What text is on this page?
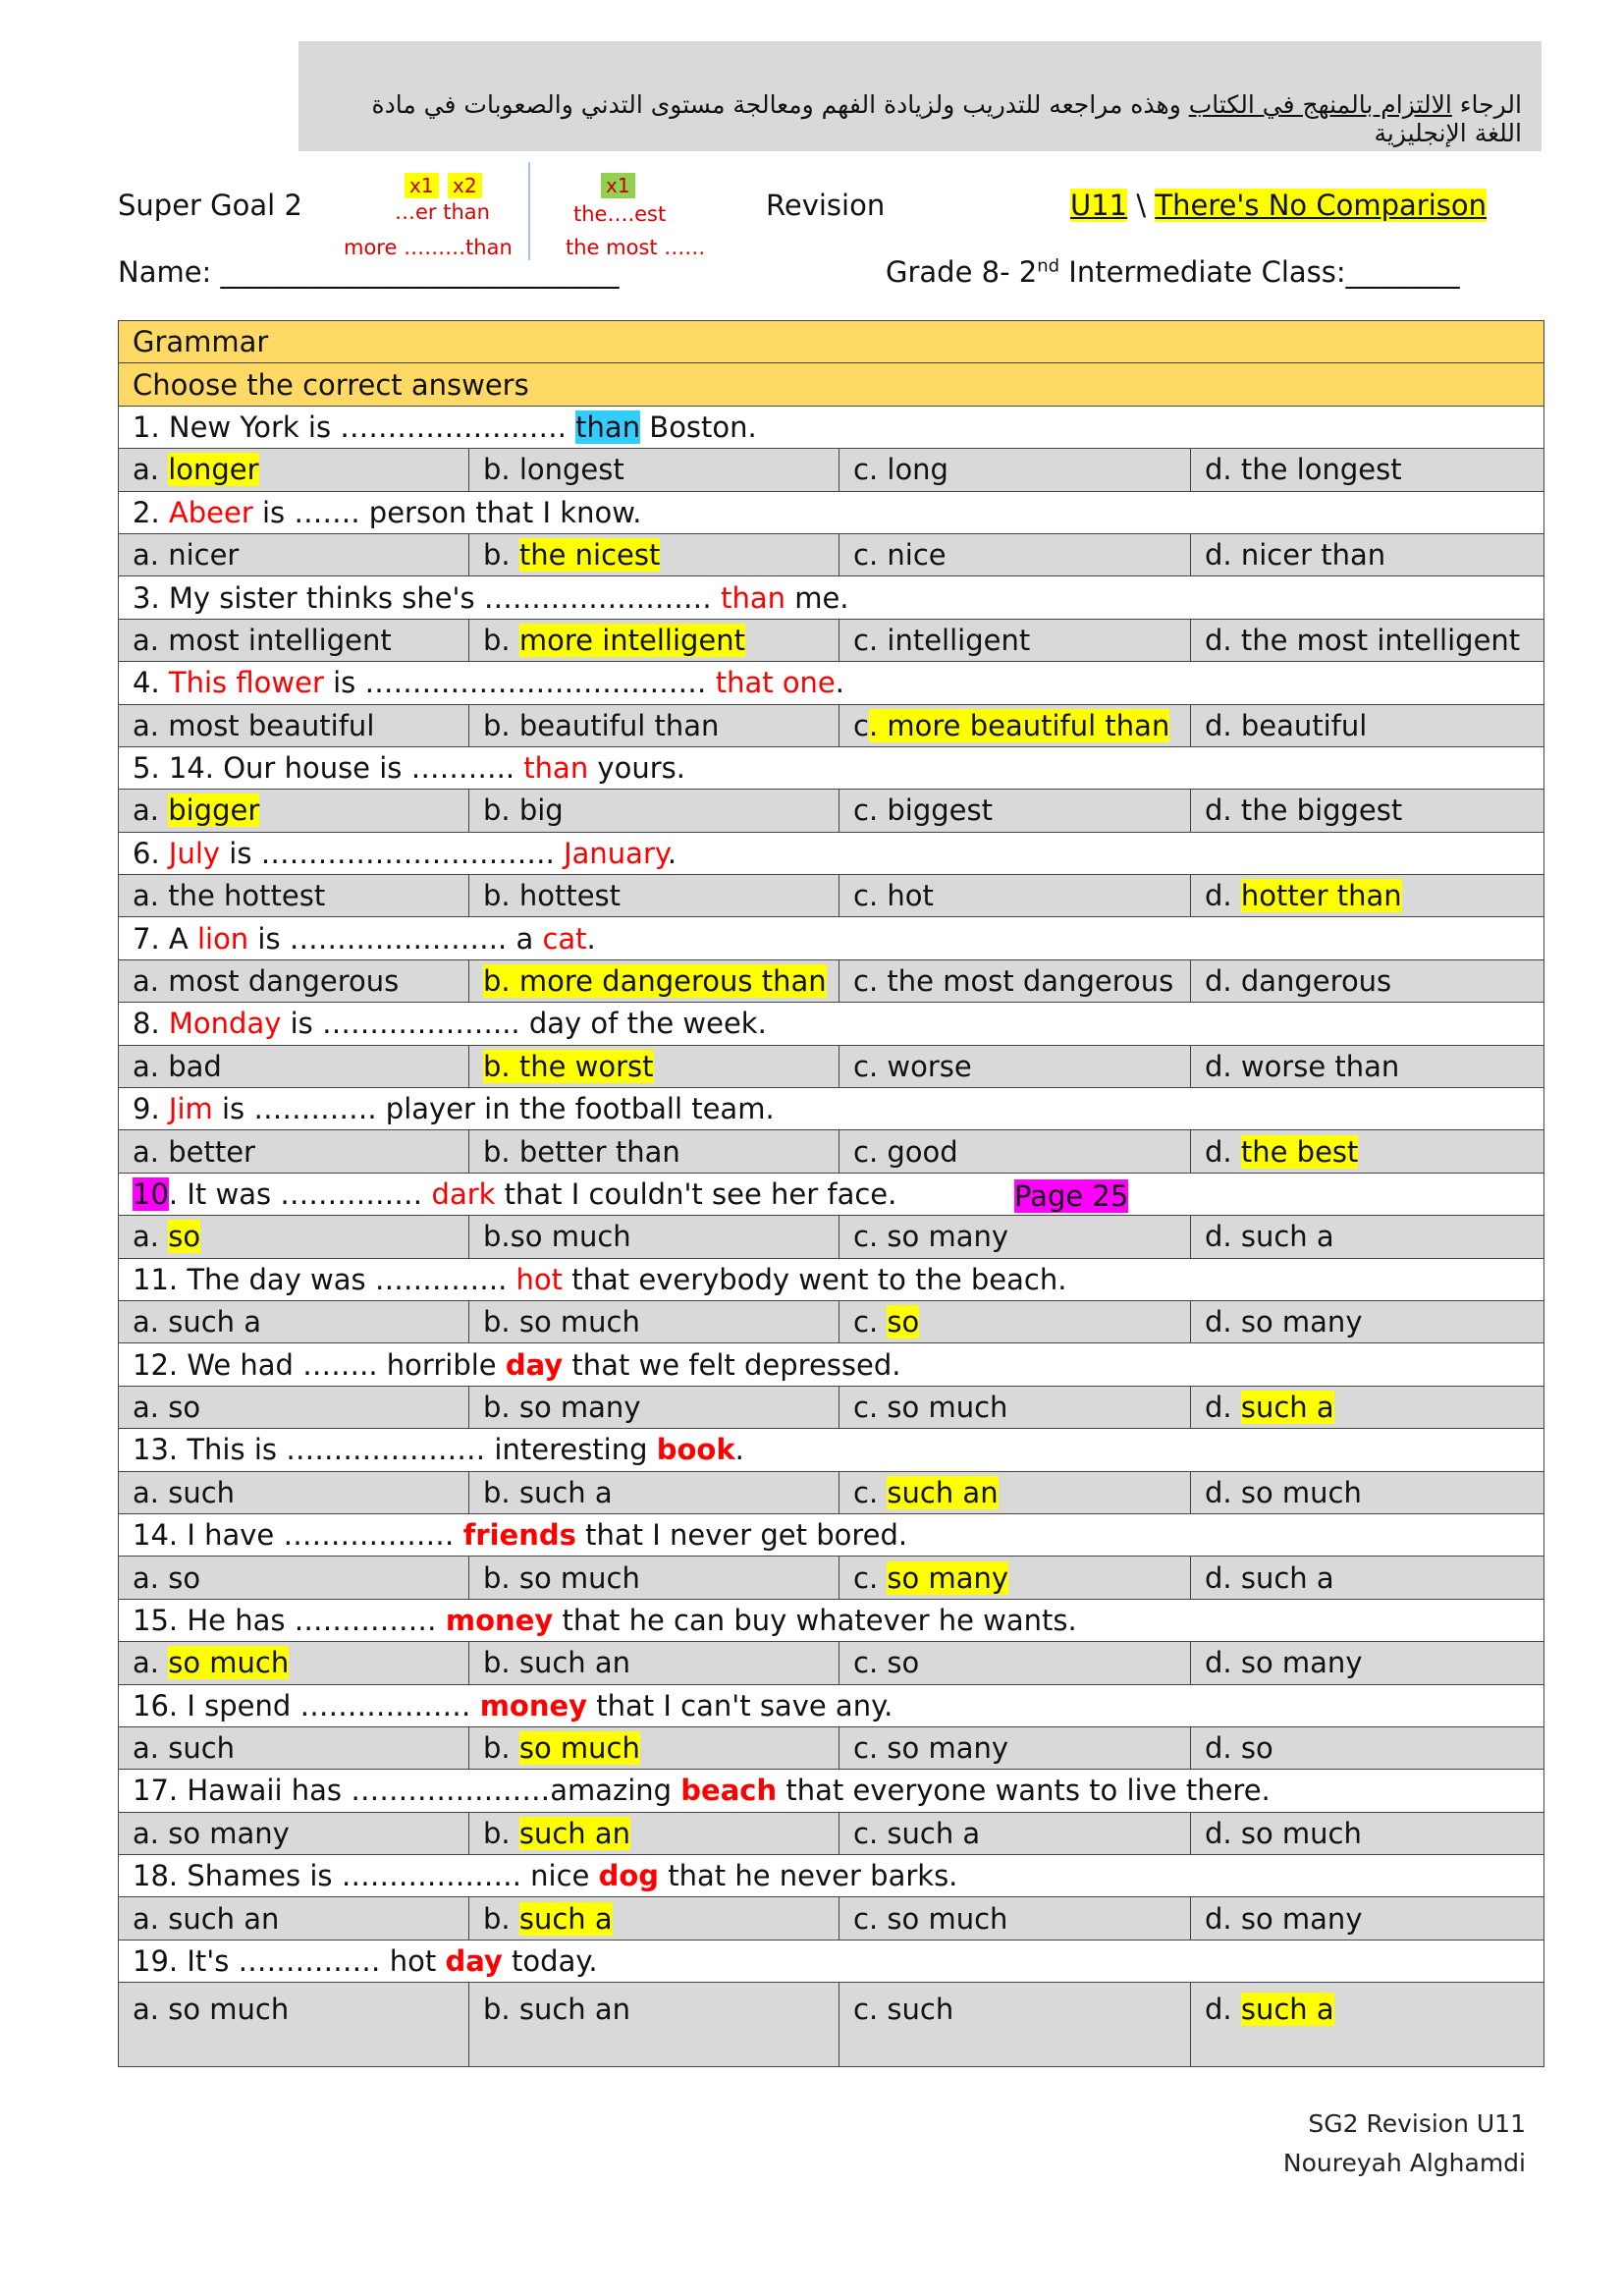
الرجاء الالتزام بالمنهج في الكتاب وهذه مراجعه للتدريب ولزيادة الفهم ومعالجة مستوى التدني والصعوبات في مادة اللغة الإنجليزية
Super Goal 2
x1 x2
…er than
more ………than
x1
the….est
the most ……
Revision	U11 \ There's No Comparison
Name: ____________________________	Grade 8- 2nd Intermediate Class:________
Grammar			
Choose the correct answers			
1. New York is ………………..…. than Boston.			
a. longer	b. longest	c. long	d. the longest
2. Abeer is ……. person that I know.			
a. nicer	b. the nicest	c. nice	d. nicer than
3. My sister thinks she's …………………… than me.			
a. most intelligent	b. more intelligent	c. intelligent	d. the most intelligent
4. This flower is ……………………………… that one.			
a. most beautiful	b. beautiful than	c. more beautiful than	d. beautiful
5. 14. Our house is ……….. than yours.			
a. bigger	b. big	c. biggest	d. the biggest
6. July is …………………………. January.			
a. the hottest	b. hottest	c. hot	d. hotter than
7. A lion is ………………….. a cat.			
a. most dangerous	b. more dangerous than	c. the most dangerous	d. dangerous
8. Monday is ………………... day of the week.			
a. bad	b. the worst	c. worse	d. worse than
9. Jim is …………. player in the football team.			
a. better	b. better than	c. good	d. the best
10. It was …………… dark that I couldn't see her face. Page 25			

a. so	b.so much	c. so many	d. such a
11. The day was ………….. hot that everybody went to the beach.			
a. such a	b. so much	c. so	d. so many
12. We had …….. horrible day that we felt depressed.			
a. so	b. so many	c. so much	d. such a
13. This is ………………… interesting book.			
a. such	b. such a	c. such an	d. so much
14. I have ……………… friends that I never get bored.			
a. so	b. so much	c. so many	d. such a
15. He has …………… money that he can buy whatever he wants.			
a. so much	b. such an	c. so	d. so many
16. I spend ……………… money that I can't save any.			
a. such	b. so much	c. so many	d. so
17. Hawaii has …………………amazing beach that everyone wants to live there.			
a. so many	b. such an	c. such a	d. so much
18. Shames is ………………. nice dog that he never barks.			
a. such an	b. such a	c. so much	d. so many
19. It's …………… hot day today.			
a. so much	b. such an	c. such	d. such a
SG2 Revision U11
Noureyah Alghamdi
